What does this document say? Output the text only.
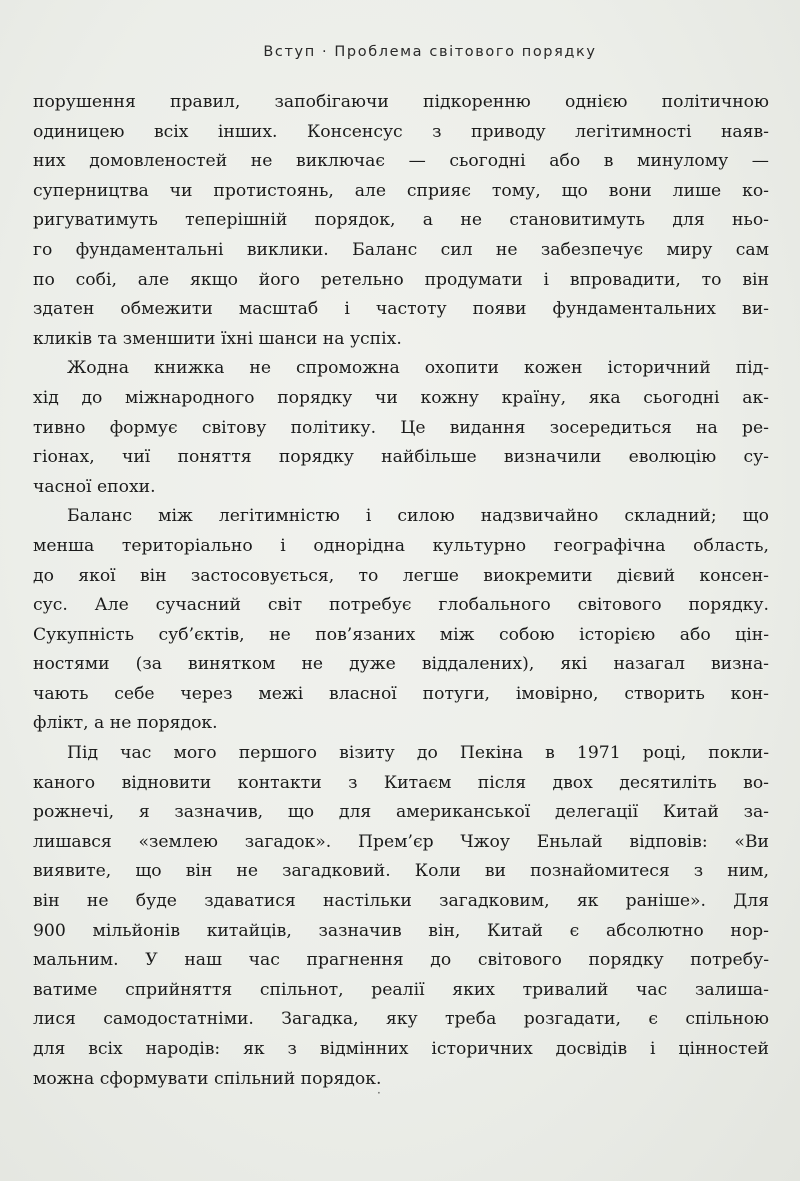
Вступ · Проблема світового порядку
порушення правил, запобігаючи підкоренню однією політичною
одиницею всіх інших. Консенсус з приводу легітимності наяв-
них домовленостей не виключає — сьогодні або в минулому —
суперництва чи протистоянь, але сприяє тому, що вони лише ко-
ригуватимуть теперішній порядок, а не становитимуть для ньо-
го фундаментальні виклики. Баланс сил не забезпечує миру сам
по собі, але якщо його ретельно продумати і впровадити, то він
здатен обмежити масштаб і частоту появи фундаментальних ви-
кликів та зменшити їхні шанси на успіх.
Жодна книжка не спроможна охопити кожен історичний під-
хід до міжнародного порядку чи кожну країну, яка сьогодні ак-
тивно формує світову політику. Це видання зосередиться на ре-
гіонах, чиї поняття порядку найбільше визначили еволюцію су-
часної епохи.
Баланс між легітимністю і силою надзвичайно складний; що
менша територіально і однорідна культурно географічна область,
до якої він застосовується, то легше виокремити дієвий консен-
сус. Але сучасний світ потребує глобального світового порядку.
Сукупність суб’єктів, не пов’язаних між собою історією або цін-
ностями (за винятком не дуже віддалених), які назагал визна-
чають себе через межі власної потуги, імовірно, створить кон-
флікт, а не порядок.
Під час мого першого візиту до Пекіна в 1971 році, покли-
каного відновити контакти з Китаєм після двох десятиліть во-
рожнечі, я зазначив, що для американської делегації Китай за-
лишався «землею загадок». Прем’єр Чжоу Еньлай відповів: «Ви
виявите, що він не загадковий. Коли ви познайомитеся з ним,
він не буде здаватися настільки загадковим, як раніше». Для
900 мільйонів китайців, зазначив він, Китай є абсолютно нор-
мальним. У наш час прагнення до світового порядку потребу-
ватиме сприйняття спільнот, реалії яких тривалий час залиша-
лися самодостатніми. Загадка, яку треба розгадати, є спільною
для всіх народів: як з відмінних історичних досвідів і цінностей
можна сформувати спільний порядок.
·
